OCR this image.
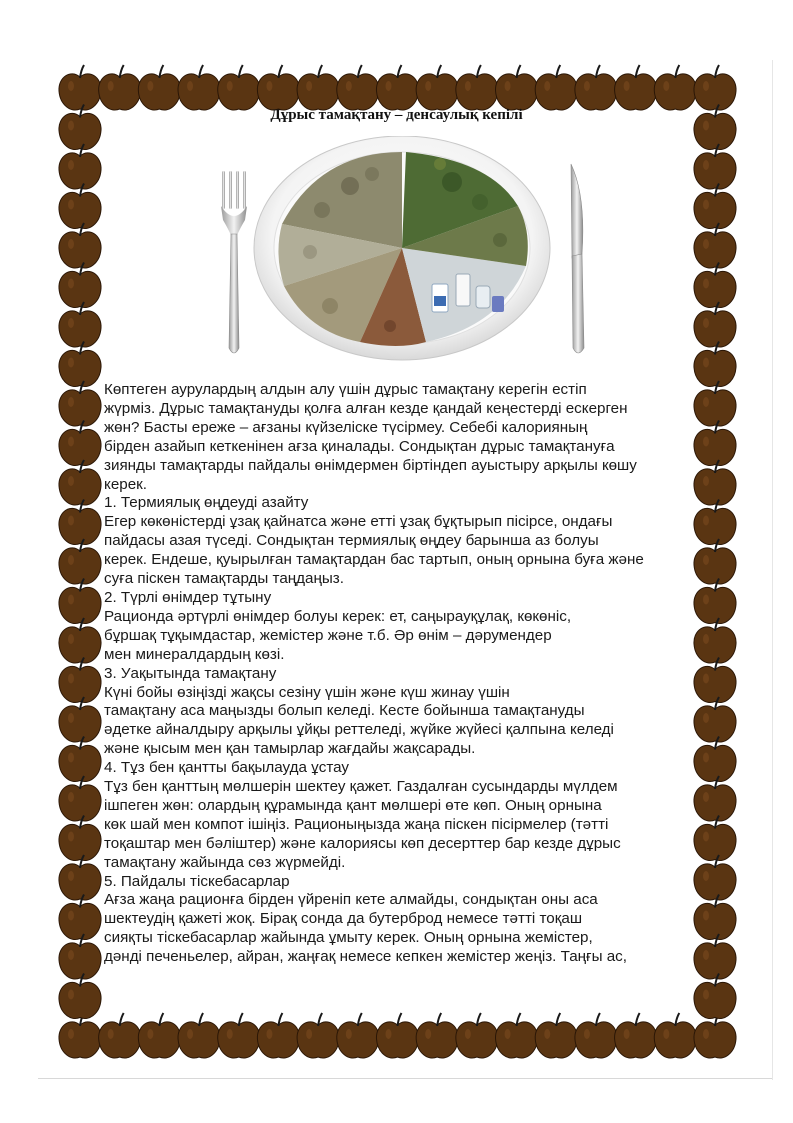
Дұрыс тамақтану – денсаулық кепілі
Көптеген аурулардың алдын алу үшін дұрыс тамақтану керегін естіп
жүрміз. Дұрыс тамақтануды қолға алған кезде қандай кеңестерді ескерген
жөн? Басты ереже – ағзаны күйзеліске түсірмеу. Себебі калорияның
бірден азайып кеткенінен ағза қиналады. Сондықтан дұрыс тамақтануға
зиянды тамақтарды пайдалы өнімдермен біртіндеп ауыстыру арқылы көшу
керек.
1. Термиялық өңдеуді азайту
Егер көкөністерді ұзақ қайнатса және етті ұзақ бұқтырып пісірсе, ондағы
пайдасы азая түседі. Сондықтан термиялық өңдеу барынша аз болуы
керек. Ендеше, қуырылған тамақтардан бас тартып, оның орнына буға және
суға піскен тамақтарды таңдаңыз.
2. Түрлі өнімдер тұтыну
Рационда әртүрлі өнімдер болуы керек: ет, саңырауқұлақ, көкөніс,
бұршақ тұқымдастар, жемістер және т.б. Әр өнім – дәрумендер
мен минералдардың көзі.
3. Уақытында тамақтану
Күні бойы өзіңізді жақсы сезіну үшін және күш жинау үшін
тамақтану аса маңызды болып келеді. Кесте бойынша тамақтануды
әдетке айналдыру арқылы ұйқы реттеледі, жүйке жүйесі қалпына келеді
және қысым мен қан тамырлар жағдайы жақсарады.
4. Тұз бен қантты бақылауда ұстау
Тұз бен қанттың мөлшерін шектеу қажет. Газдалған сусындарды мүлдем
ішпеген жөн: олардың құрамында қант мөлшері өте көп. Оның орнына
көк шай мен компот ішіңіз. Рационыңызда жаңа піскен пісірмелер (тәтті
тоқаштар мен бәліштер) және калориясы көп десерттер бар кезде дұрыс
тамақтану жайында сөз жүрмейді.
5. Пайдалы тіскебасарлар
Ағза жаңа рационға бірден үйреніп кете алмайды, сондықтан оны аса
шектеудің қажеті жоқ. Бірақ сонда да бутерброд немесе тәтті тоқаш
сияқты тіскебасарлар жайында ұмыту керек. Оның орнына жемістер,
дәнді печеньелер, айран, жаңғақ немесе кепкен жемістер жеңіз. Таңғы ас,
